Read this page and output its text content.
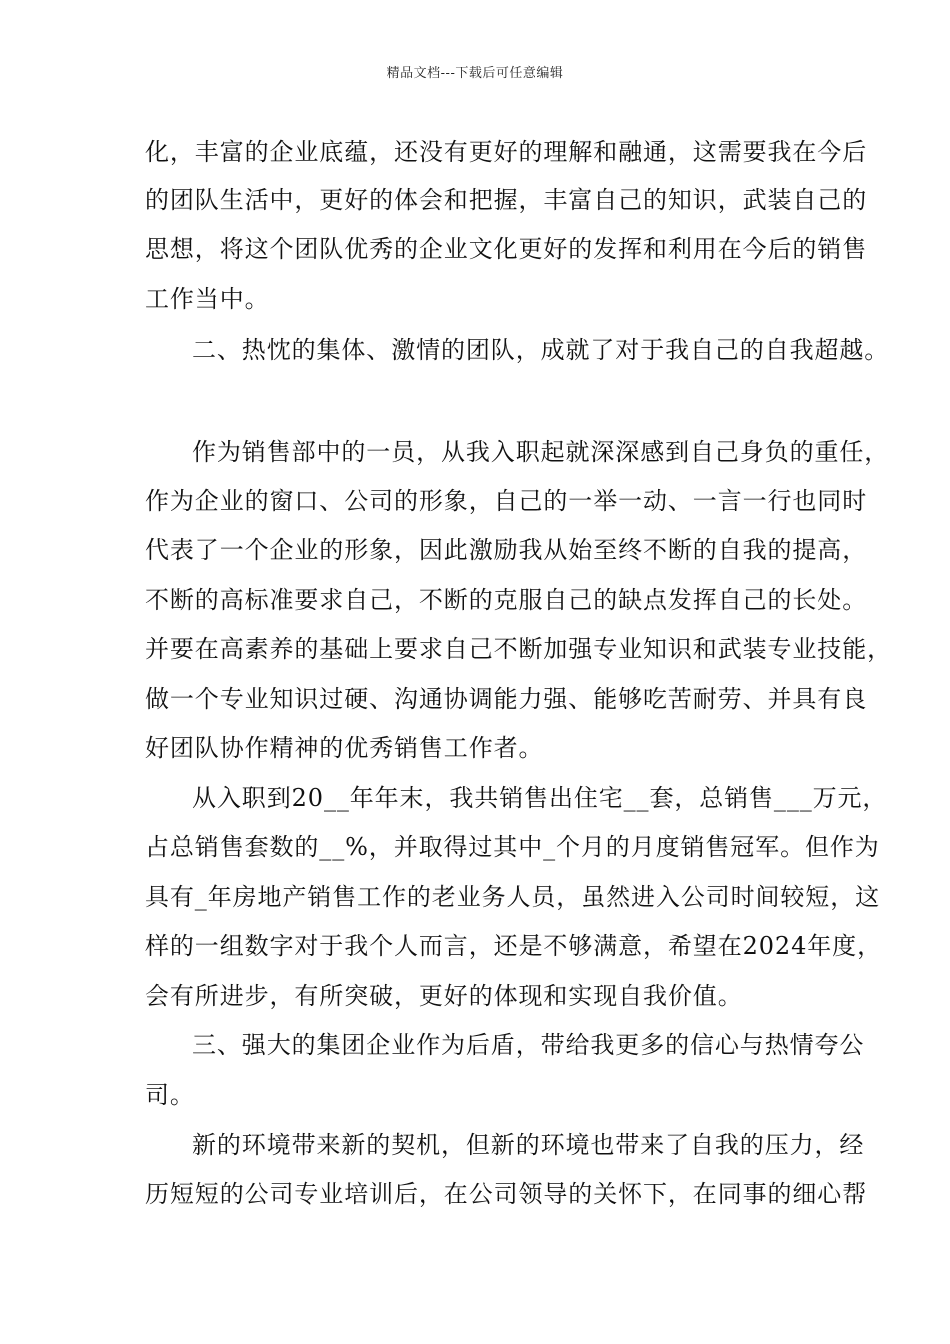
精品文档---下载后可任意编辑
化，丰富的企业底蕴，还没有更好的理解和融通，这需要我在今后
的团队生活中，更好的体会和把握，丰富自己的知识，武装自己的
思想，将这个团队优秀的企业文化更好的发挥和利用在今后的销售
工作当中。
二、热忱的集体、激情的团队，成就了对于我自己的自我超越。
作为销售部中的一员，从我入职起就深深感到自己身负的重任，
作为企业的窗口、公司的形象，自己的一举一动、一言一行也同时
代表了一个企业的形象，因此激励我从始至终不断的自我的提高，
不断的高标准要求自己，不断的克服自己的缺点发挥自己的长处。
并要在高素养的基础上要求自己不断加强专业知识和武装专业技能，
做一个专业知识过硬、沟通协调能力强、能够吃苦耐劳、并具有良
好团队协作精神的优秀销售工作者。
从入职到20__年年末，我共销售出住宅__套，总销售___万元，
占总销售套数的__%，并取得过其中_个月的月度销售冠军。但作为
具有_年房地产销售工作的老业务人员，虽然进入公司时间较短，这
样的一组数字对于我个人而言，还是不够满意，希望在2024年度，
会有所进步，有所突破，更好的体现和实现自我价值。
三、强大的集团企业作为后盾，带给我更多的信心与热情夸公
司。
新的环境带来新的契机，但新的环境也带来了自我的压力，经
历短短的公司专业培训后，在公司领导的关怀下，在同事的细心帮
